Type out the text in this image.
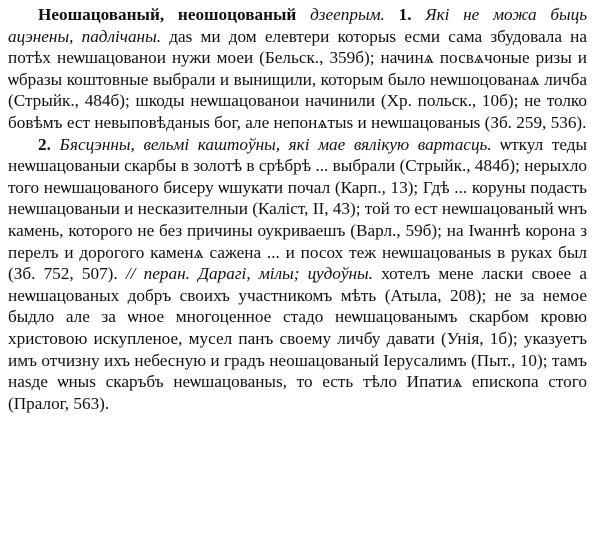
Неошацованый, неошоцованый дзеепрым. 1. Які не можа быць ацэнены, падлічаны. даs ми дом елевтери которыs есми сама збудовала на потѣх неѡшацованои нужи моеи (Бельск., 359б); начинѧ посвѧчоные ризы и ѡбразы коштовные выбрали и вынищили, которым было неѡшоцованаѧ личба (Стрыйк., 484б); шкоды неѡшацованои начинили (Хр. польск., 10б); не толко бовѣмъ ест невыповѣданыs бог, але непонѧтыs и неѡшацованыs (Зб. 259, 536).

2. Бясцэнны, вельмі каштоўны, які мае вялікую вартасць. ѡткул теды неѡшацованыи скарбы в золотѣ в срѣбрѣ ... выбрали (Стрыйк., 484б); нерыхло того неѡшацованого бисеру ѡшукати почал (Карп., 13); Гдѣ ... коруны подасть неѡшацованыи и несказителныи (Каліст, II, 43); той то ест неѡшацованый ѡнъ камень, которого не без причины оукриваешъ (Варл., 59б); на Іѡаннѣ корона з перелъ и дорогого каменѧ сажена ... и посох теж неѡшацованыs в руках был (Зб. 752, 507). // перан. Дарагі, мілы; цудоўны. хотелъ мене ласки своее а неѡшацованых добръ своихъ участникомъ мѣть (Атыла, 208); не за немое быдло але за ѡное многоценное стадо неѡшацованымъ скарбом кровю христовою искупленое, мусел панъ своему личбу давати (Унія, 1б); указуетъ имъ отчизну ихъ небесную и градъ неошацованый Іерусалимъ (Пыт., 10); тамъ наsде ѡныs скаръбъ неѡшацованыs, то есть тѣло Ипатиѧ епископа стого (Пралог, 563).
